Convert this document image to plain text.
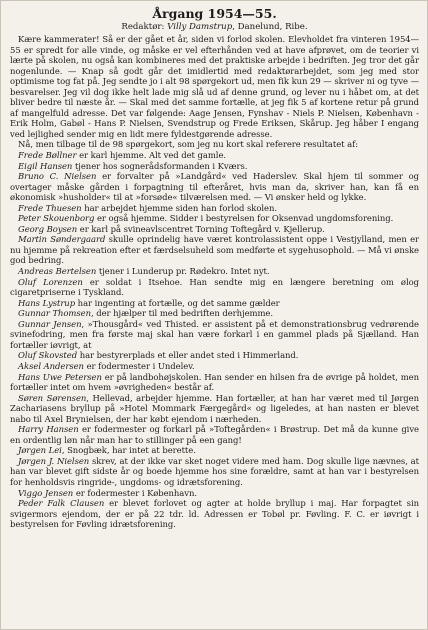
Årgang 1954—55.
Redaktør: Villy Damstrup, Danelund, Ribe.

Kære kammerater! Så er der gået et år, siden vi forlod skolen. Elevholdet fra vinteren 1954—55 er spredt for alle vinde, og måske er vel efterhånden ved at have afprøvet, om de teorier vi lærte på skolen, nu også kan kombineres med det praktiske arbejde i bedriften. Jeg tror det går nogenlunde. — Knap så godt går det imidlertid med redaktørarbejdet, som jeg med stor optimisme tog fat på. Jeg sendte jo i alt 98 spørgekort ud, men fik kun 29 — skriver ni og tyve — besvarelser. Jeg vil dog ikke helt lade mig slå ud af denne grund, og lever nu i håbet om, at det bliver bedre til næste år. — Skal med det samme fortælle, at jeg fik 5 af kortene retur på grund af mangelfuld adresse. Det var følgende: Aage Jensen, Fynshav - Niels P. Nielsen, København - Erik Holm, Gabøl - Hans P. Nielsen, Svendstrup og Frede Eriksen, Skårup. Jeg håber I engang ved lejlighed sender mig en lidt mere fyldestgørende adresse.

Nå, men tilbage til de 98 spørgekort, som jeg nu kort skal referere resultatet af:

Frede Bøllner er karl hjemme. Alt ved det gamle.

Eigil Hansen tjener hos sognerådsformanden i Kværs.

Bruno C. Nielsen er forvalter på »Landgård« ved Haderslev. Skal hjem til sommer og overtager måske gården i forpagtning til efteråret, hvis man da, skriver han, kan få en økonomisk »husholder« til at »forsøde« tilværelsen med. — Vi ønsker held og lykke.

Frede Thuesen har arbejdet hjemme siden han forlod skolen.

Peter Skouenborg er også hjemme. Sidder i bestyrelsen for Oksenvad ungdomsforening.

Georg Boysen er karl på svineavlscentret Torning Toftegård v. Kjellerup.

Martin Søndergaard skulle oprindelig have været kontrolassistent oppe i Vestjylland, men er nu hjemme på rekreation efter et færdselsuheld som medførte et sygehusophold. — Må vi ønske god bedring.

Andreas Bertelsen tjener i Lunderup pr. Rødekro. Intet nyt.

Oluf Lorenzen er soldat i Itsehoe. Han sendte mig en længere beretning om ølog cigaretpriserne i Tyskland.

Hans Lystrup har ingenting at fortælle, og det samme gælder

Gunnar Thomsen, der hjælper til med bedriften derhjemme.

Gunnar Jensen, »Thousgård« ved Thisted. er assistent på et demonstrationsbrug vedrørende svinefodring, men fra første maj skal han være forkarl i en gammel plads på Sjælland. Han fortæller iøvrigt, at

Oluf Skovsted har bestyrerplads et eller andet sted i Himmerland.

Aksel Andersen er fodermester i Undelev.

Hans Uwe Petersen er på landbohøjskolen. Han sender en hilsen fra de øvrige på holdet, men fortæller intet om hvem »øvrigheden« består af.

Søren Sørensen, Hellevad, arbejder hjemme. Han fortæller, at han har været med til Jørgen Zachariasens bryllup på »Hotel Mommark Færgegård« og ligeledes, at han nasten er blevet nabo til Axel Brynielsen, der har købt ejendom i nærheden.

Harry Hansen er fodermester og forkarl på »Toftegården« i Brøstrup. Det må da kunne give en ordentlig løn når man har to stillinger på een gang!

Jørgen Lei, Snogbæk, har intet at berette.

Jørgen J. Nielsen skrev, at der ikke var sket noget videre med ham. Dog skulle lige nævnes, at han var blevet gift sidste år og boede hjemme hos sine forældre, samt at han var i bestyrelsen for henholdsvis ringride-, ungdoms- og idrætsforening.

Viggo Jensen er fodermester i København.

Peder Falk Clausen er blevet forlovet og agter at holde bryllup i maj. Har forpagtet sin svigermors ejendom, der er på 22 tdr. ld. Adressen er Tobøl pr. Føvling. F. C. er iøvrigt i bestyrelsen for Føvling idrætsforening.
